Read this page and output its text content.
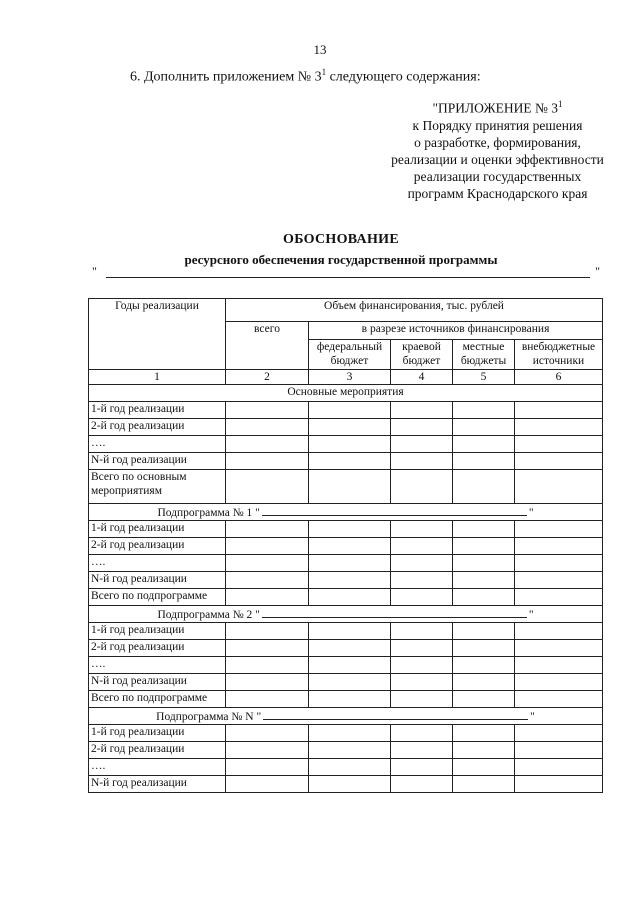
13
6. Дополнить приложением № $3^1$ следующего содержания:
"ПРИЛОЖЕНИЕ № $3^1$
к Порядку принятия решения
о разработке, формирования,
реализации и оценки эффективности
реализации государственных
программ Краснодарского края
ОБОСНОВАНИЕ
ресурсного обеспечения государственной программы
"	"
Годы реализации	Объем финансирования, тыс. рублей				
	всего	в разрезе источников финансирования			
		федеральный бюджет	краевой бюджет	местные бюджеты	внебюджетные источники
1	2	3	4	5	6
Основные мероприятия					
1-й год реализации					
2-й год реализации					
….					
N-й год реализации					
Всего по основным мероприятиям					
Подпрограмма № 1 " "					
1-й год реализации					
2-й год реализации					
….					
N-й год реализации					
Всего по подпрограмме					
Подпрограмма № 2 " "					
1-й год реализации					
2-й год реализации					
….					
N-й год реализации					
Всего по подпрограмме					
Подпрограмма № N " "					
1-й год реализации					
2-й год реализации					
….					
N-й год реализации					
